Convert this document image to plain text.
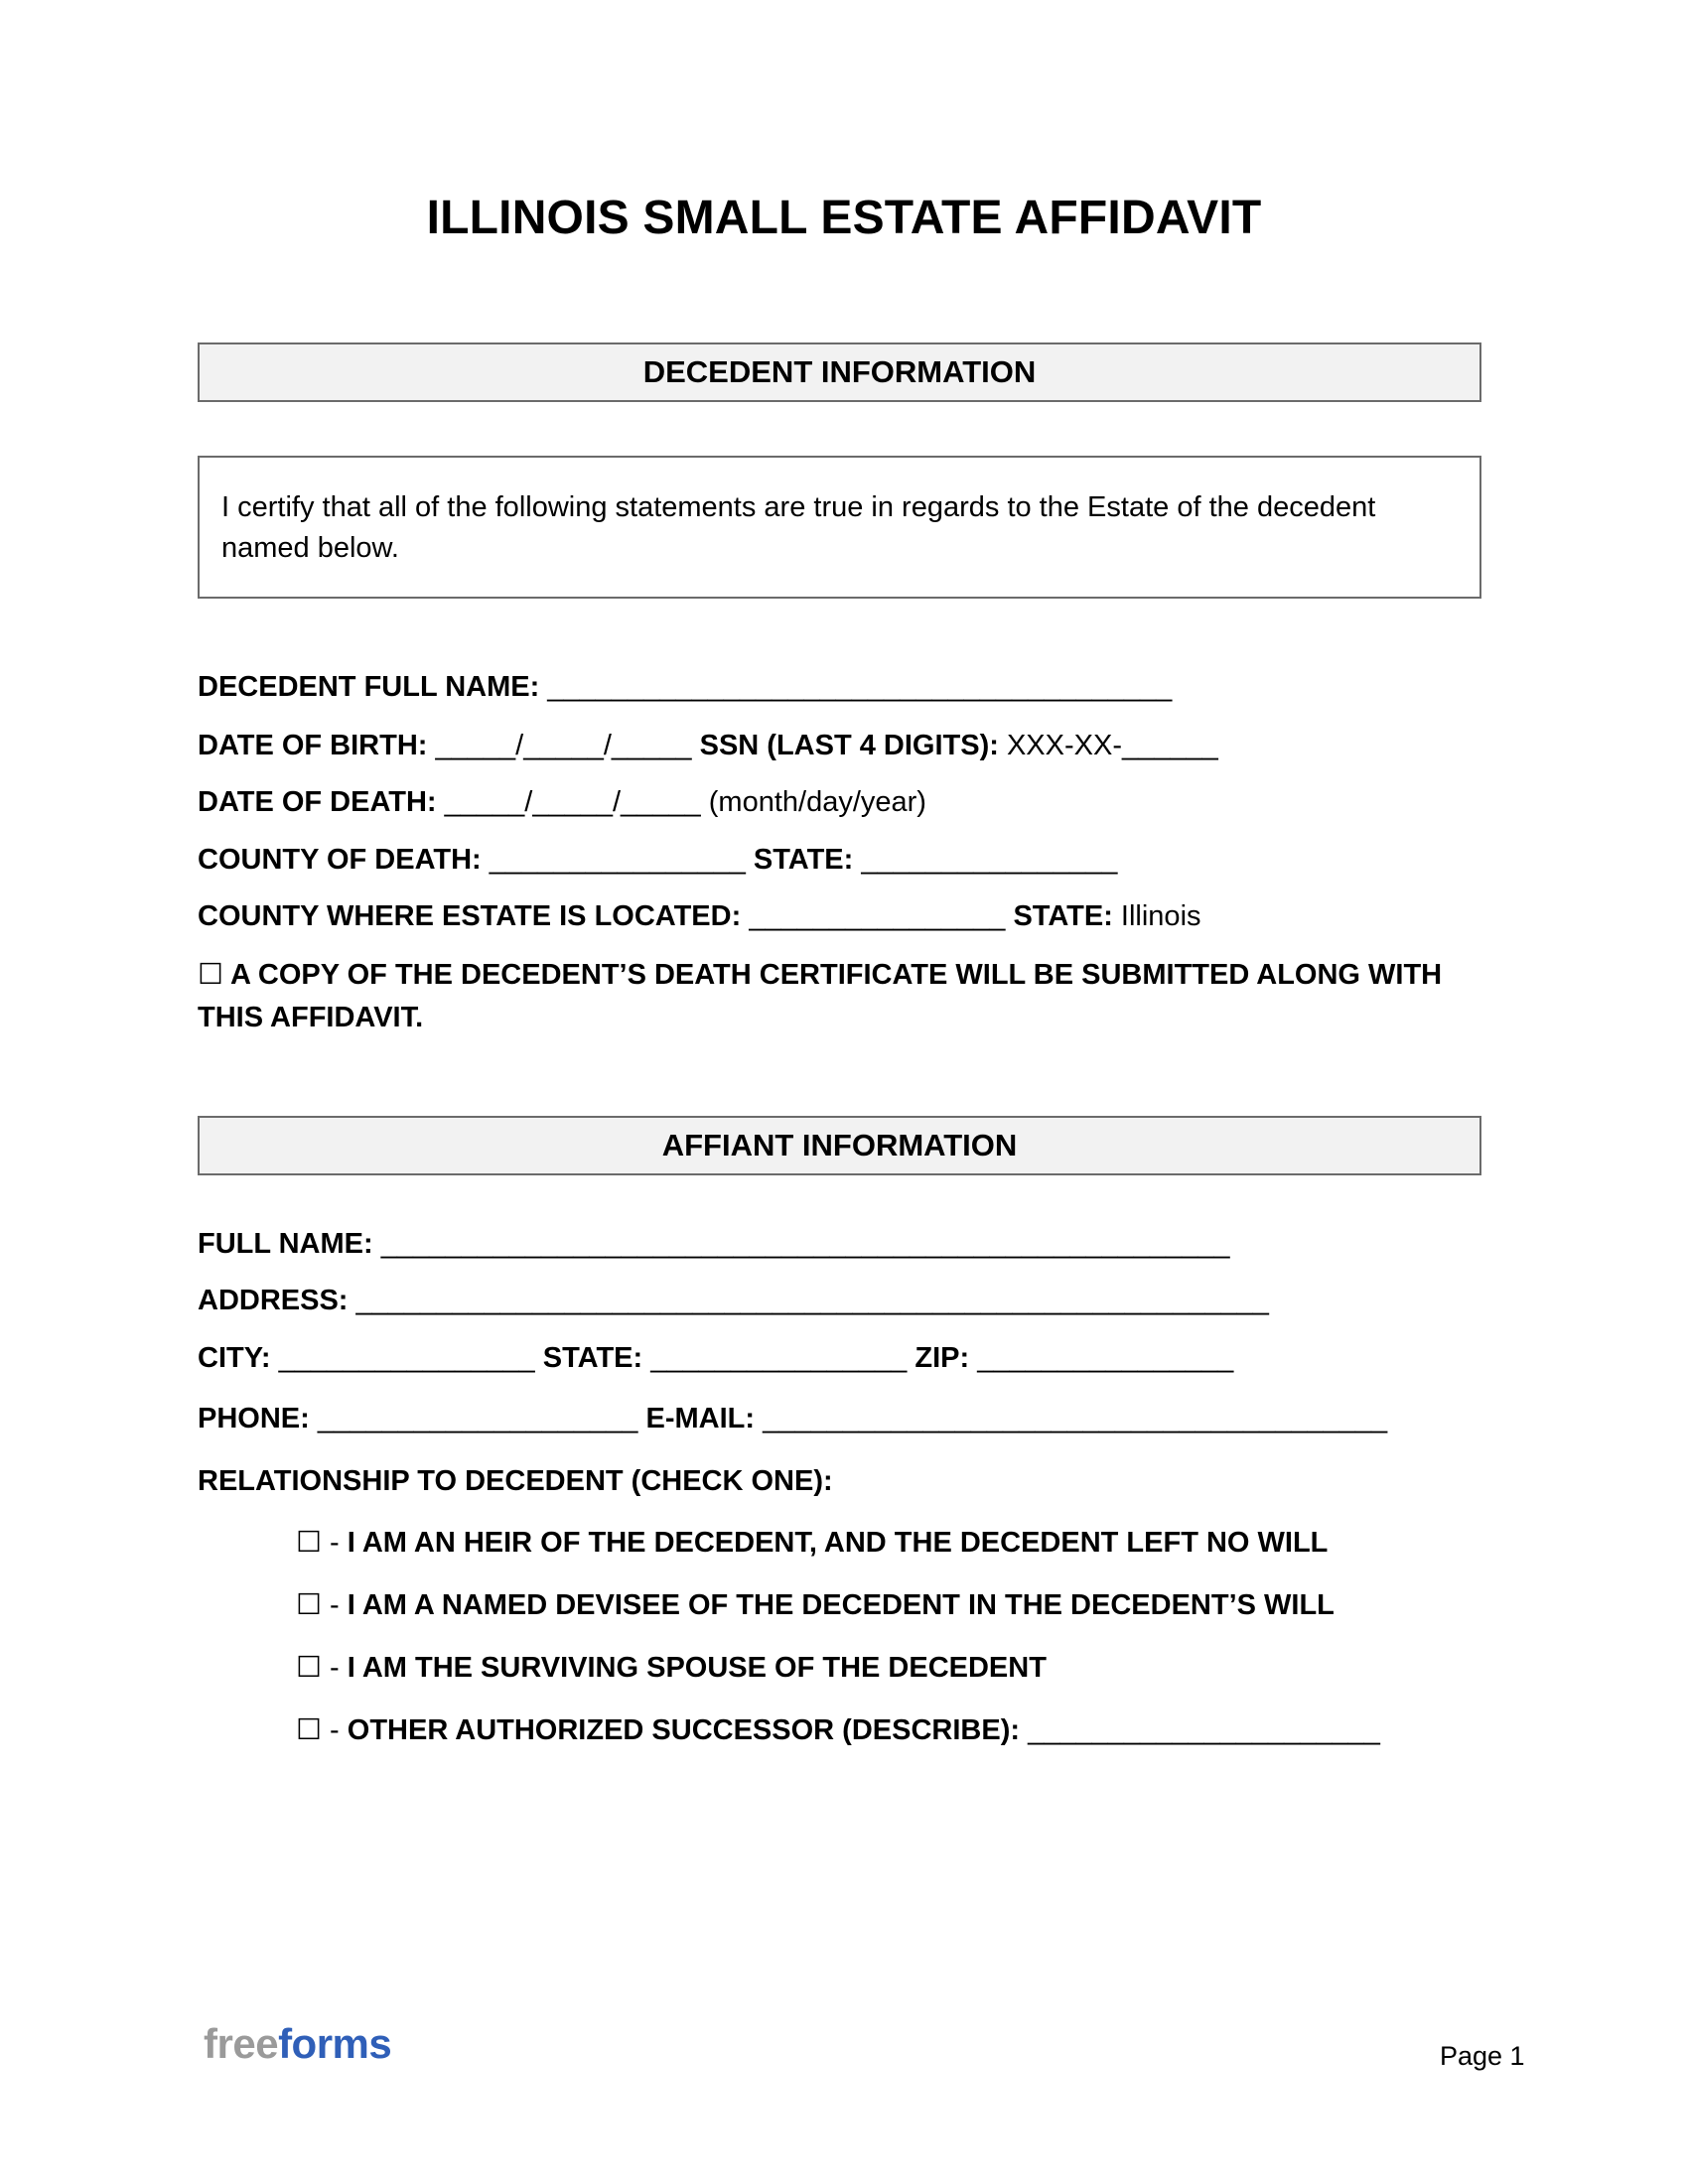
ILLINOIS SMALL ESTATE AFFIDAVIT
DECEDENT INFORMATION
I certify that all of the following statements are true in regards to the Estate of the decedent named below.
DECEDENT FULL NAME: _______________________________________
DATE OF BIRTH: _____/_____/_____ SSN (LAST 4 DIGITS): XXX-XX-______
DATE OF DEATH: _____/_____/_____ (month/day/year)
COUNTY OF DEATH: ________________ STATE: ________________
COUNTY WHERE ESTATE IS LOCATED: ________________ STATE: Illinois
☐ A COPY OF THE DECEDENT’S DEATH CERTIFICATE WILL BE SUBMITTED ALONG WITH THIS AFFIDAVIT.
AFFIANT INFORMATION
FULL NAME: _____________________________________________________
ADDRESS: _________________________________________________________
CITY: ________________ STATE: ________________ ZIP: ________________
PHONE: ____________________ E-MAIL: _______________________________________
RELATIONSHIP TO DECEDENT (CHECK ONE):
☐ - I AM AN HEIR OF THE DECEDENT, AND THE DECEDENT LEFT NO WILL
☐ - I AM A NAMED DEVISEE OF THE DECEDENT IN THE DECEDENT’S WILL
☐ - I AM THE SURVIVING SPOUSE OF THE DECEDENT
☐ - OTHER AUTHORIZED SUCCESSOR (DESCRIBE): ______________________
freeforms	Page 1
